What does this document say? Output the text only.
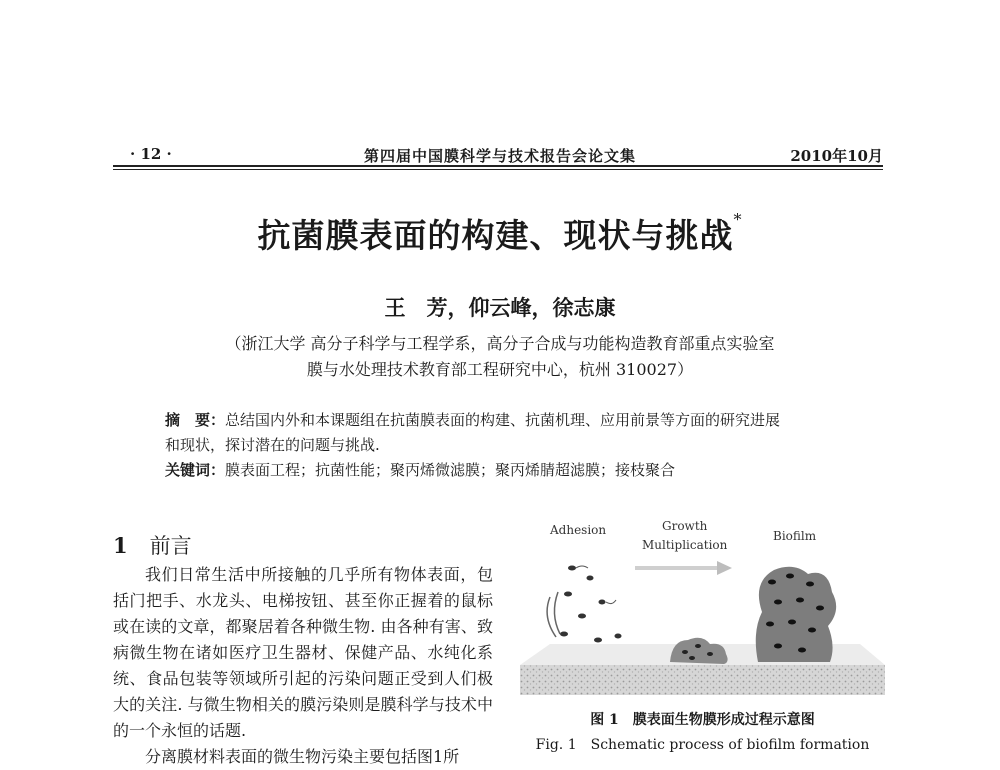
· 12 ·	第四届中国膜科学与技术报告会论文集	2010年10月
抗菌膜表面的构建、现状与挑战*
王　芳，仰云峰，徐志康
（浙江大学 高分子科学与工程学系，高分子合成与功能构造教育部重点实验室
膜与水处理技术教育部工程研究中心，杭州 310027）
摘　要：总结国内外和本课题组在抗菌膜表面的构建、抗菌机理、应用前景等方面的研究进展
和现状，探讨潜在的问题与挑战.
关键词：膜表面工程；抗菌性能；聚丙烯微滤膜；聚丙烯腈超滤膜；接枝聚合
1 前言
我们日常生活中所接触的几乎所有物体表面，包括门把手、水龙头、电梯按钮、甚至你正握着的鼠标或在读的文章，都聚居着各种微生物. 由各种有害、致病微生物在诸如医疗卫生器材、保健产品、水纯化系统、食品包装等领域所引起的污染问题正受到人们极大的关注. 与微生物相关的膜污染则是膜科学与技术中的一个永恒的话题.
分离膜材料表面的微生物污染主要包括图1所
Adhesion	Growth
Multiplication
Biofilm
图 1　膜表面生物膜形成过程示意图
Fig. 1　Schematic process of biofilm formation
